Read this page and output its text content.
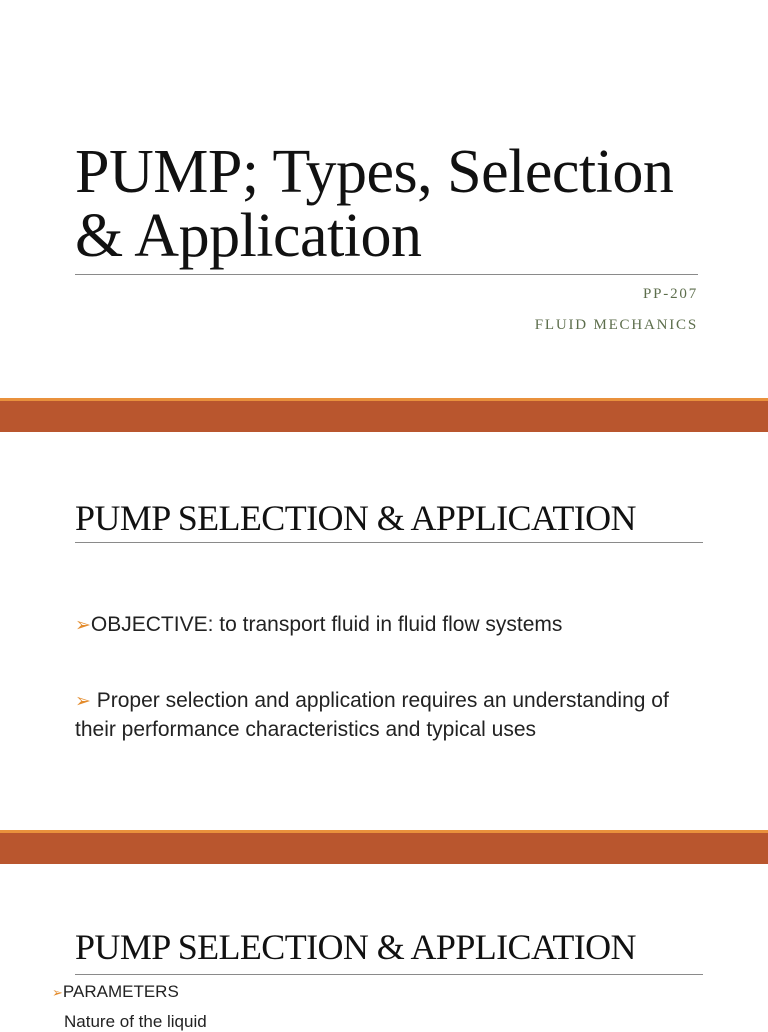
PUMP; Types, Selection
& Application

PP-207

FLUID MECHANICS

PUMP SELECTION & APPLICATION

➢OBJECTIVE: to transport fluid in fluid flow systems

➢ Proper selection and application requires an understanding of their performance characteristics and typical uses

PUMP SELECTION & APPLICATION

➢PARAMETERS

Nature of the liquid
